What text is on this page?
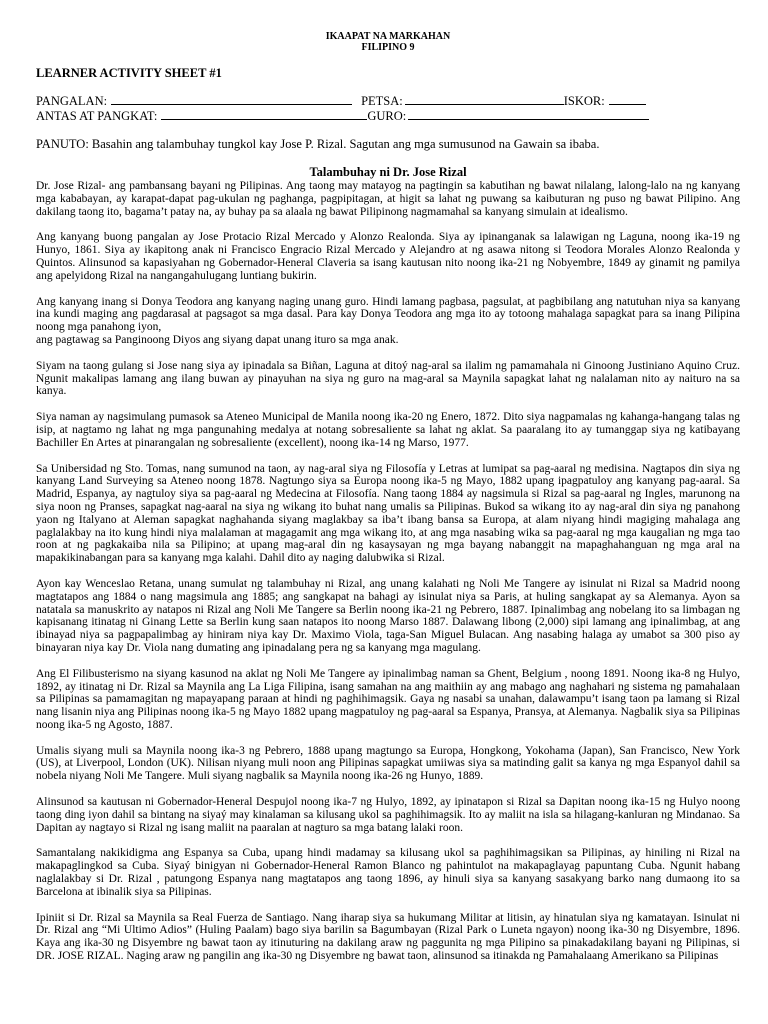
IKAAPAT NA MARKAHAN
FILIPINO 9
LEARNER ACTIVITY SHEET #1
PANGALAN:	PETSA:	ISKOR:
ANTAS AT PANGKAT:	GURO:
PANUTO: Basahin ang talambuhay tungkol kay Jose P. Rizal. Sagutan ang mga sumusunod na Gawain sa ibaba.
Talambuhay ni Dr. Jose Rizal

Dr. Jose Rizal- ang pambansang bayani ng Pilipinas. Ang taong may matayog na pagtingin sa kabutihan ng bawat nilalang, lalong-lalo na ng kanyang mga kababayan, ay karapat-dapat pag-ukulan ng paghanga, pagpipitagan, at higit sa lahat ng puwang sa kaibuturan ng puso ng bawat Pilipino. Ang dakilang taong ito, bagama’t patay na, ay buhay pa sa alaala ng bawat Pilipinong nagmamahal sa kanyang simulain at idealismo.

Ang kanyang buong pangalan ay Jose Protacio Rizal Mercado y Alonzo Realonda. Siya ay ipinanganak sa lalawigan ng Laguna, noong ika-19 ng Hunyo, 1861. Siya ay ikapitong anak ni Francisco Engracio Rizal Mercado y Alejandro at ng asawa nitong si Teodora Morales Alonzo Realonda y Quintos. Alinsunod sa kapasiyahan ng Gobernador-Heneral Claveria sa isang kautusan nito noong ika-21 ng Nobyembre, 1849 ay ginamit ng pamilya ang apelyidong Rizal na nangangahulugang luntiang bukirin.

Ang kanyang inang si Donya Teodora ang kanyang naging unang guro. Hindi lamang pagbasa, pagsulat, at pagbibilang ang natutuhan niya sa kanyang ina kundi maging ang pagdarasal at pagsagot sa mga dasal. Para kay Donya Teodora ang mga ito ay totoong mahalaga sapagkat para sa inang Pilipina noong mga panahong iyon,
ang pagtawag sa Panginoong Diyos ang siyang dapat unang ituro sa mga anak.

Siyam na taong gulang si Jose nang siya ay ipinadala sa Biñan, Laguna at ditoý nag-aral sa ilalim ng pamamahala ni Ginoong Justiniano Aquino Cruz. Ngunit makalipas lamang ang ilang buwan ay pinayuhan na siya ng guro na mag-aral sa Maynila sapagkat lahat ng nalalaman nito ay naituro na sa kanya.

Siya naman ay nagsimulang pumasok sa Ateneo Municipal de Manila noong ika-20 ng Enero, 1872. Dito siya nagpamalas ng kahanga-hangang talas ng isip, at nagtamo ng lahat ng mga pangunahing medalya at notang sobresaliente sa lahat ng aklat. Sa paaralang ito ay tumanggap siya ng katibayang Bachiller En Artes at pinarangalan ng sobresaliente (excellent), noong ika-14 ng Marso, 1977.

Sa Unibersidad ng Sto. Tomas, nang sumunod na taon, ay nag-aral siya ng Filosofía y Letras at lumipat sa pag-aaral ng medisina. Nagtapos din siya ng kanyang Land Surveying sa Ateneo noong 1878. Nagtungo siya sa Europa noong ika-5 ng Mayo, 1882 upang ipagpatuloy ang kanyang pag-aaral. Sa Madrid, Espanya, ay nagtuloy siya sa pag-aaral ng Medecina at Filosofía. Nang taong 1884 ay nagsimula si Rizal sa pag-aaral ng Ingles, marunong na siya noon ng Pranses, sapagkat nag-aaral na siya ng wikang ito buhat nang umalis sa Pilipinas. Bukod sa wikang ito ay nag-aral din siya ng panahong yaon ng Italyano at Aleman sapagkat naghahanda siyang maglakbay sa iba’t ibang bansa sa Europa, at alam niyang hindi magiging mahalaga ang paglalakbay na ito kung hindi niya malalaman at magagamit ang mga wikang ito, at ang mga nasabing wika sa pag-aaral ng mga kaugalian ng mga tao roon at ng pagkakaiba nila sa Pilipino; at upang mag-aral din ng kasaysayan ng mga bayang nabanggit na mapaghahanguan ng mga aral na mapakikinabangan para sa kanyang mga kalahi. Dahil dito ay naging dalubwika si Rizal.

Ayon kay Wenceslao Retana, unang sumulat ng talambuhay ni Rizal, ang unang kalahati ng Noli Me Tangere ay isinulat ni Rizal sa Madrid noong magtatapos ang 1884 o nang magsimula ang 1885; ang sangkapat na bahagi ay isinulat niya sa Paris, at huling sangkapat ay sa Alemanya. Ayon sa natatala sa manuskrito ay natapos ni Rizal ang Noli Me Tangere sa Berlin noong ika-21 ng Pebrero, 1887. Ipinalimbag ang nobelang ito sa limbagan ng kapisanang itinatag ni Ginang Lette sa Berlin kung saan natapos ito noong Marso 1887. Dalawang libong (2,000) sipi lamang ang ipinalimbag, at ang ibinayad niya sa pagpapalimbag ay hiniram niya kay Dr. Maximo Viola, taga-San Miguel Bulacan. Ang nasabing halaga ay umabot sa 300 piso ay binayaran niya kay Dr. Viola nang dumating ang ipinadalang pera ng sa kanyang mga magulang.

Ang El Filibusterismo na siyang kasunod na aklat ng Noli Me Tangere ay ipinalimbag naman sa Ghent, Belgium , noong 1891. Noong ika-8 ng Hulyo, 1892, ay itinatag ni Dr. Rizal sa Maynila ang La Liga Filipina, isang samahan na ang maithiin ay ang mabago ang naghahari ng sistema ng pamahalaan sa Pilipinas sa pamamagitan ng mapayapang paraan at hindi ng paghihimagsik. Gaya ng nasabi sa unahan, dalawampu’t isang taon pa lamang si Rizal nang lisanin niya ang Pilipinas noong ika-5 ng Mayo 1882 upang magpatuloy ng pag-aaral sa Espanya, Pransya, at Alemanya. Nagbalik siya sa Pilipinas noong ika-5 ng Agosto, 1887.

Umalis siyang muli sa Maynila noong ika-3 ng Pebrero, 1888 upang magtungo sa Europa, Hongkong, Yokohama (Japan), San Francisco, New York (US), at Liverpool, London (UK). Nilisan niyang muli noon ang Pilipinas sapagkat umiiwas siya sa matinding galit sa kanya ng mga Espanyol dahil sa nobela niyang Noli Me Tangere. Muli siyang nagbalik sa Maynila noong ika-26 ng Hunyo, 1889.

Alinsunod sa kautusan ni Gobernador-Heneral Despujol noong ika-7 ng Hulyo, 1892, ay ipinatapon si Rizal sa Dapitan noong ika-15 ng Hulyo noong taong ding iyon dahil sa bintang na siyaý may kinalaman sa kilusang ukol sa paghihimagsik. Ito ay maliit na isla sa hilagang-kanluran ng Mindanao. Sa Dapitan ay nagtayo si Rizal ng isang maliit na paaralan at nagturo sa mga batang lalaki roon.

Samantalang nakikidigma ang Espanya sa Cuba, upang hindi madamay sa kilusang ukol sa paghihimagsikan sa Pilipinas, ay hiniling ni Rizal na makapaglingkod sa Cuba. Siyaý binigyan ni Gobernador-Heneral Ramon Blanco ng pahintulot na makapaglayag papuntang Cuba. Ngunit habang naglalakbay si Dr. Rizal , patungong Espanya nang magtatapos ang taong 1896, ay hinuli siya sa kanyang sasakyang barko nang dumaong ito sa Barcelona at ibinalik siya sa Pilipinas.

Ipiniit si Dr. Rizal sa Maynila sa Real Fuerza de Santiago. Nang iharap siya sa hukumang Militar at litisin, ay hinatulan siya ng kamatayan. Isinulat ni Dr. Rizal ang “Mi Ultimo Adios” (Huling Paalam) bago siya barilin sa Bagumbayan (Rizal Park o Luneta ngayon) noong ika-30 ng Disyembre, 1896. Kaya ang ika-30 ng Disyembre ng bawat taon ay itinuturing na dakilang araw ng paggunita ng mga Pilipino sa pinakadakilang bayani ng Pilipinas, si DR. JOSE RIZAL. Naging araw ng pangilin ang ika-30 ng Disyembre ng bawat taon, alinsunod sa itinakda ng Pamahalaang Amerikano sa Pilipinas
